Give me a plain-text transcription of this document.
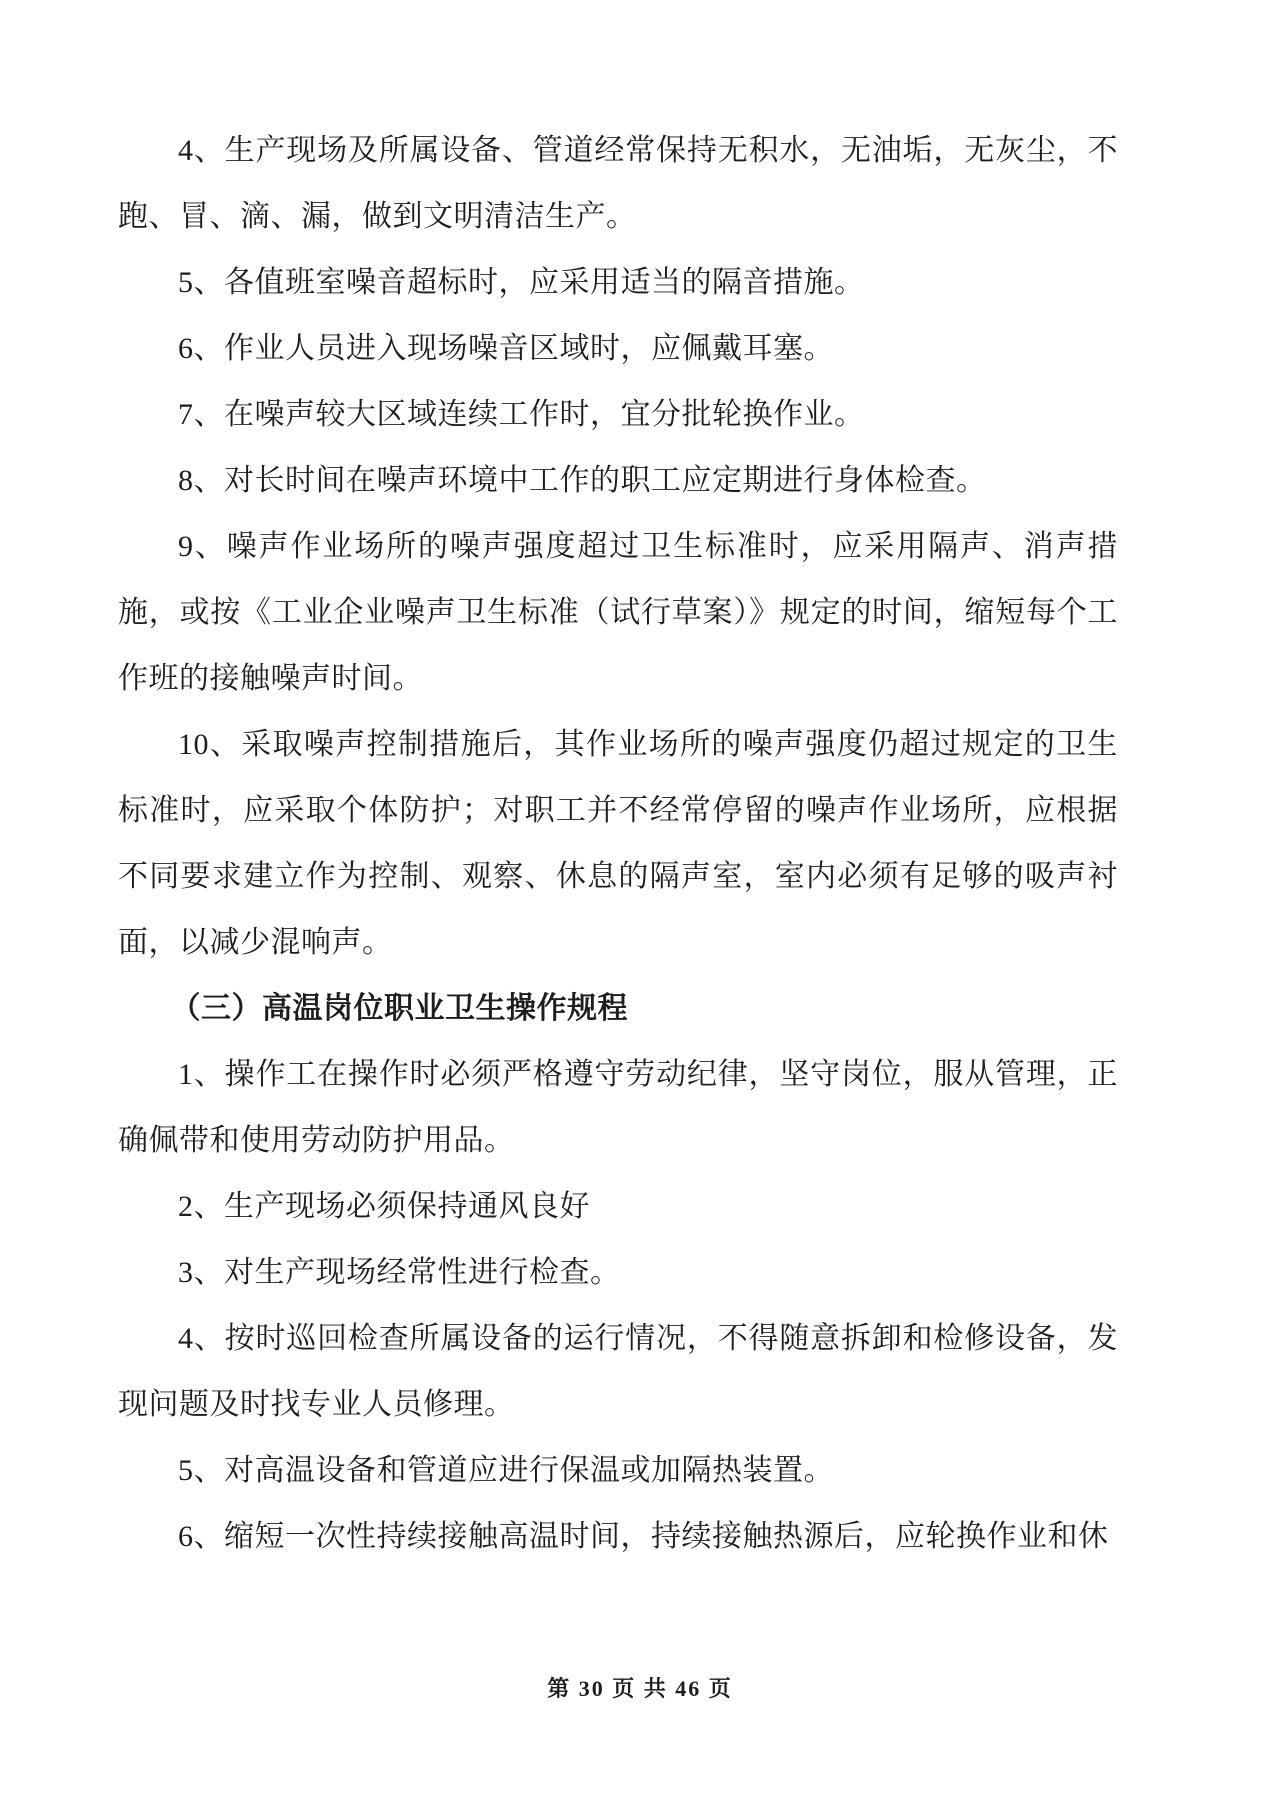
4、生产现场及所属设备、管道经常保持无积水，无油垢，无灰尘，不跑、冒、滴、漏，做到文明清洁生产。

5、各值班室噪音超标时，应采用适当的隔音措施。

6、作业人员进入现场噪音区域时，应佩戴耳塞。

7、在噪声较大区域连续工作时，宜分批轮换作业。

8、对长时间在噪声环境中工作的职工应定期进行身体检查。

9、噪声作业场所的噪声强度超过卫生标准时，应采用隔声、消声措施，或按《工业企业噪声卫生标准（试行草案）》规定的时间，缩短每个工作班的接触噪声时间。

10、采取噪声控制措施后，其作业场所的噪声强度仍超过规定的卫生标准时，应采取个体防护；对职工并不经常停留的噪声作业场所，应根据不同要求建立作为控制、观察、休息的隔声室，室内必须有足够的吸声衬面，以减少混响声。

（三）高温岗位职业卫生操作规程

1、操作工在操作时必须严格遵守劳动纪律，坚守岗位，服从管理，正确佩带和使用劳动防护用品。

2、生产现场必须保持通风良好

3、对生产现场经常性进行检查。

4、按时巡回检查所属设备的运行情况，不得随意拆卸和检修设备，发现问题及时找专业人员修理。

5、对高温设备和管道应进行保温或加隔热装置。

6、缩短一次性持续接触高温时间，持续接触热源后，应轮换作业和休

第 30 页 共 46 页
